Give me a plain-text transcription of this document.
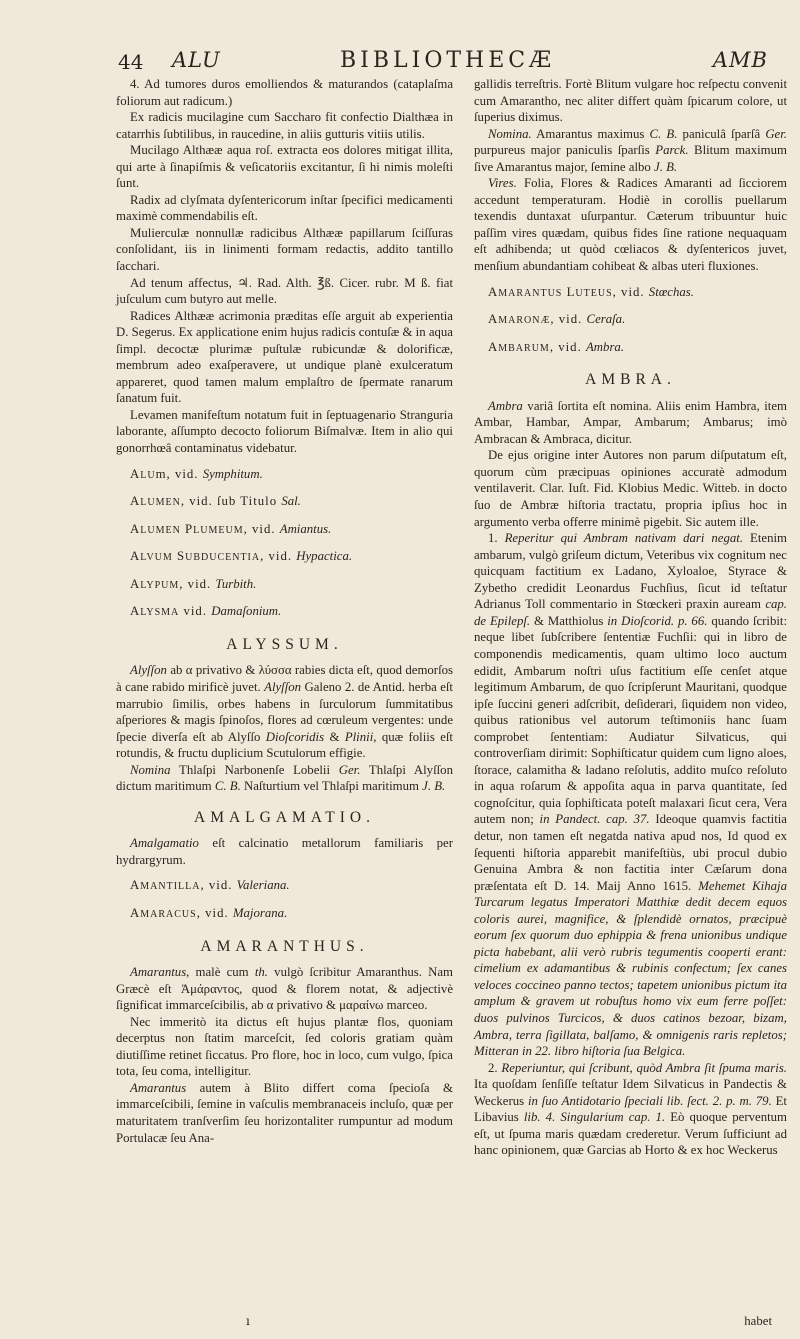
44 ALU	BIBLIOTHECÆ	AMB

4. Ad tumores duros emolliendos & maturandos (cataplaſma foliorum aut radicum.)

Ex radicis mucilagine cum Saccharo fit confectio Dialthæa in catarrhis ſubtilibus, in raucedine, in aliis gutturis vitiis utilis.

Mucilago Althææ aqua roſ. extracta eos dolores mitigat illita, qui arte à ſinapiſmis & veſicatoriis excitantur, ſi hi nimis moleſti ſunt.

Radix ad clyſmata dyſentericorum inſtar ſpecifici medicamenti maximè commendabilis eſt.

Mulierculæ nonnullæ radicibus Althææ papillarum ſciſſuras conſolidant, iis in linimenti formam redactis, addito tantillo ſacchari.

Ad tenum affectus, ♃. Rad. Alth. ℥ß. Cicer. rubr. M ß. fiat juſculum cum butyro aut melle.

Radices Althææ acrimonia præditas eſſe arguit ab experientia D. Segerus. Ex applicatione enim hujus radicis contuſæ & in aqua ſimpl. decoctæ plurimæ puſtulæ rubicundæ & dolorificæ, membrum adeo exaſperavere, ut undique planè exulceratum appareret, quod tamen malum emplaſtro de ſpermate ranarum ſanatum fuit.

Levamen manifeſtum notatum fuit in ſeptuagenario Stranguria laborante, aſſumpto decocto foliorum Biſmalvæ. Item in alio qui gonorrhœâ contaminatus videbatur.

ALUm, vid. Symphitum.
ALUMEN, vid. ſub Titulo Sal.
ALUMEN PLUMEUM, vid. Amiantus.
ALVUM SUBDUCENTIA, vid. Hypactica.
ALYPUM, vid. Turbith.
ALYSMA vid. Damaſonium.
ALYSSUM.

Alyſſon ab α privativo & λύσσα rabies dicta eſt, quod demorſos à cane rabido mirificè juvet. Alyſſon Galeno 2. de Antid. herba eſt marrubio ſimilis, orbes habens in ſurculorum ſummitatibus aſperiores & magis ſpinoſos, flores ad cœruleum vergentes: unde ſpecie diverſa eſt ab Alyſſo Dioſcoridis & Plinii, quæ foliis eſt rotundis, & fructu duplicium Scutulorum effigie.

Nomina Thlaſpi Narbonenſe Lobelii Ger. Thlaſpi Alyſſon dictum maritimum C. B. Naſturtium vel Thlaſpi maritimum J. B.

AMALGAMATIO.

Amalgamatio eſt calcinatio metallorum familiaris per hydrargyrum.

AMANTILLA, vid. Valeriana.
AMARACUS, vid. Majorana.
AMARANTHUS.

Amarantus, malè cum th. vulgò ſcribitur Amaranthus. Nam Græcè eſt Ἀμάραντος, quod & florem notat, & adjectivè ſignificat immarceſcibilis, ab α privativo & μαραίνω marceo.

Nec immeritò ita dictus eſt hujus plantæ flos, quoniam decerptus non ſtatim marceſcit, ſed coloris gratiam quàm diutiſſime retinet ſiccatus. Pro flore, hoc in loco, cum vulgo, ſpica tota, ſeu coma, intelligitur.

Amarantus autem à Blito differt coma ſpecioſa & immarceſcibili, ſemine in vaſculis membranaceis incluſo, quæ per maturitatem tranſverſim ſeu horizontaliter rumpuntur ad modum Portulacæ ſeu Ana-

gallidis terreſtris. Fortè Blitum vulgare hoc reſpectu convenit cum Amarantho, nec aliter differt quàm ſpicarum colore, ut ſuperius diximus.

Nomina. Amarantus maximus C. B. paniculâ ſparſâ Ger. purpureus major paniculis ſparſis Parck. Blitum maximum ſive Amarantus major, ſemine albo J. B.

Vires. Folia, Flores & Radices Amaranti ad ſicciorem accedunt temperaturam. Hodiè in corollis puellarum texendis duntaxat uſurpantur. Cæterum tribuuntur huic paſſim vires quædam, quibus fides ſine ratione nequaquam eſt adhibenda; ut quòd cœliacos & dyſentericos juvet, menſium abundantiam cohibeat & albas uteri fluxiones.

AMARANTUS LUTEUS, vid. Stœchas.
AMARONÆ, vid. Ceraſa.
AMBARUM, vid. Ambra.
AMBRA.

Ambra variâ ſortita eſt nomina. Aliis enim Hambra, item Ambar, Hambar, Ampar, Ambarum; Ambarus; imò Ambracan & Ambraca, dicitur.

De ejus origine inter Autores non parum diſputatum eſt, quorum cùm præcipuas opiniones accuratè admodum ventilaverit. Clar. Iuſt. Fid. Klobius Medic. Witteb. in docto ſuo de Ambræ hiſtoria tractatu, propria ipſius hoc in argumento verba offerre minimè pigebit. Sic autem ille.

1. Reperitur qui Ambram nativam dari negat. Etenim ambarum, vulgò griſeum dictum, Veteribus vix cognitum nec quicquam factitium ex Ladano, Xyloaloe, Styrace & Zybetho credidit Leonardus Fuchſius, ſicut id teſtatur Adrianus Toll commentario in Stœckeri praxin auream cap. de Epilepſ. & Matthiolus in Dioſcorid. p. 66. quando ſcribit: neque libet ſubſcribere ſententiæ Fuchſii: qui in libro de componendis medicamentis, quam ultimo loco auctum edidit, Ambarum noſtri uſus factitium eſſe cenſet atque legitimum Ambarum, de quo ſcripſerunt Mauritani, quodque ipſe ſuccini generi adſcribit, deſiderari, ſiquidem non video, quibus rationibus vel autorum teſtimoniis hanc ſuam comprobet ſententiam: Audiatur Silvaticus, qui controverſiam dirimit: Sophiſticatur quidem cum ligno aloes, ſtorace, calamitha & ladano reſolutis, addito muſco reſoluto in aqua roſarum & appoſita aqua in parva quantitate, ſed cognoſcitur, quia ſophiſticata poteſt malaxari ſicut cera, Vera autem non; in Pandect. cap. 37. Ideoque quamvis factitia detur, non tamen eſt negatda nativa apud nos, Id quod ex ſequenti hiſtoria apparebit manifeſtiùs, ubi procul dubio Genuina Ambra & non factitia inter Cæſarum dona præſentata eſt D. 14. Maij Anno 1615. Mehemet Kihaja Turcarum legatus Imperatori Matthiæ dedit decem equos coloris aurei, magnifice, & ſplendidè ornatos, præcipuè eorum ſex quorum duo ephippia & frena unionibus undique picta habebant, alii verò rubris tegumentis cooperti erant: cimelium ex adamantibus & rubinis confectum; ſex canes veloces coccineo panno tectos; tapetem unionibus pictum ita amplum & gravem ut robuſtus homo vix eum ferre poſſet: duos pulvinos Turcicos, & duos catinos bezoar, bizam, Ambra, terra ſigillata, balſamo, & omnigenis raris repletos; Mitteran in 22. libro hiſtoria ſua Belgica.

2. Reperiuntur, qui ſcribunt, quòd Ambra ſit ſpuma maris. Ita quoſdam ſenſiſſe teſtatur Idem Silvaticus in Pandectis & Weckerus in ſuo Antidotario ſpeciali lib. ſect. 2. p. m. 79. Et Libavius lib. 4. Singularium cap. 1. Eò quoque perventum eſt, ut ſpuma maris quædam crederetur. Verum ſufficiunt ad hanc opinionem, quæ Garcias ab Horto & ex hoc Weckerus

ı	habet
